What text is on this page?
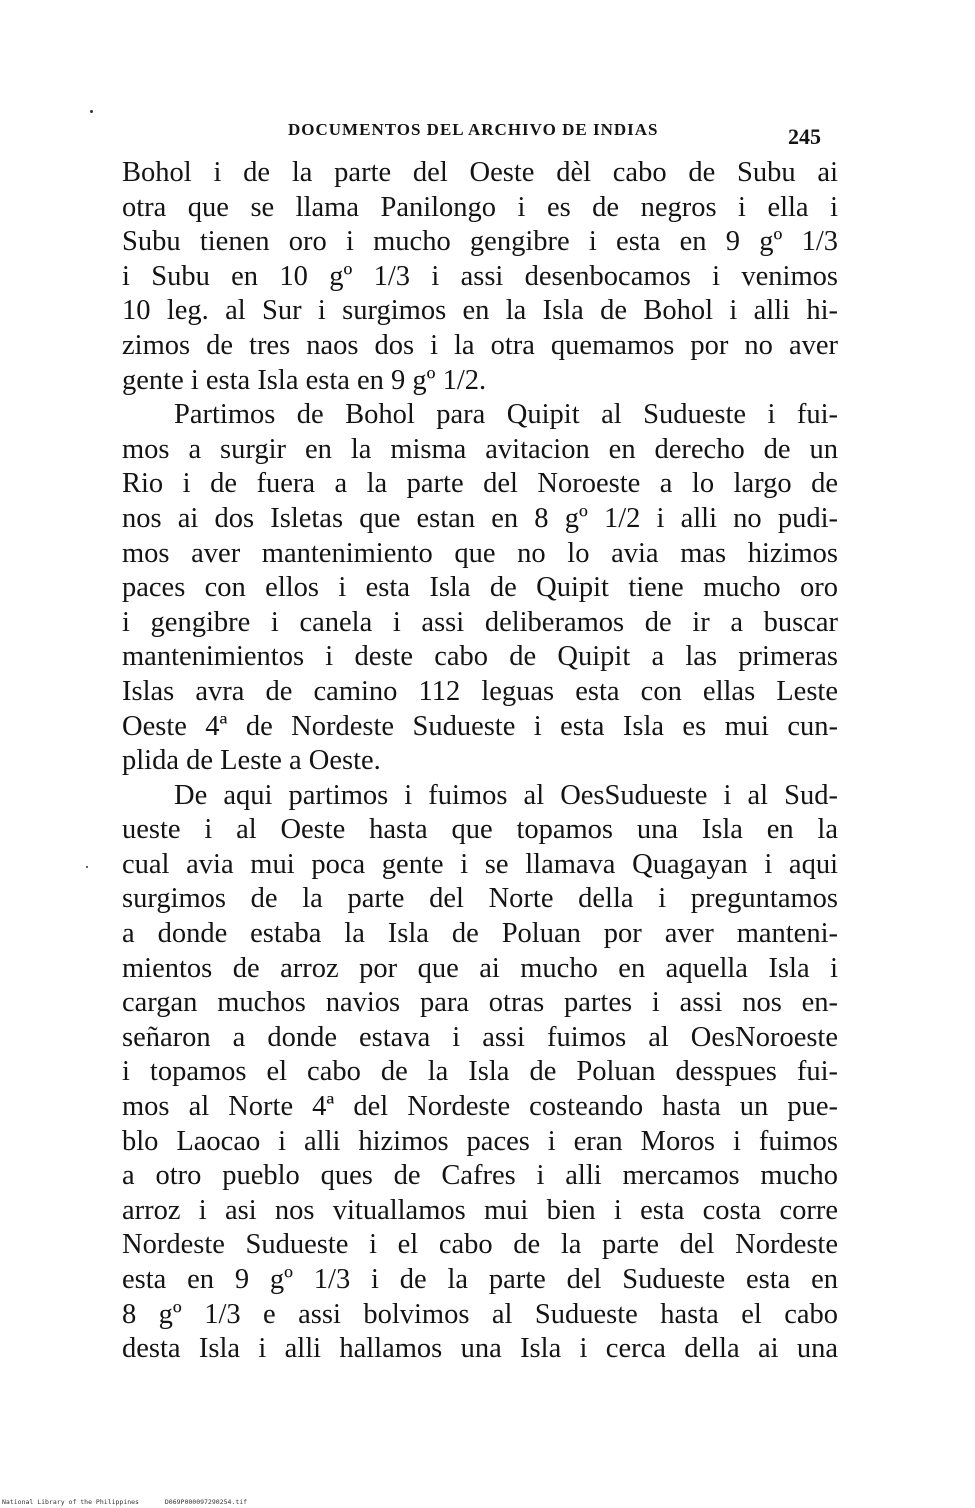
DOCUMENTOS DEL ARCHIVO DE INDIAS	245
Bohol i de la parte del Oeste dèl cabo de Subu ai
otra que se llama Panilongo i es de negros i ella i
Subu tienen oro i mucho gengibre i esta en 9 gº 1/3
i Subu en 10 gº 1/3 i assi desenbocamos i venimos
10 leg. al Sur i surgimos en la Isla de Bohol i alli hi-
zimos de tres naos dos i la otra quemamos por no aver
gente i esta Isla esta en 9 gº 1/2.
Partimos de Bohol para Quipit al Sudueste i fui-
mos a surgir en la misma avitacion en derecho de un
Rio i de fuera a la parte del Noroeste a lo largo de
nos ai dos Isletas que estan en 8 gº 1/2 i alli no pudi-
mos aver mantenimiento que no lo avia mas hizimos
paces con ellos i esta Isla de Quipit tiene mucho oro
i gengibre i canela i assi deliberamos de ir a buscar
mantenimientos i deste cabo de Quipit a las primeras
Islas avra de camino 112 leguas esta con ellas Leste
Oeste 4ª de Nordeste Sudueste i esta Isla es mui cun-
plida de Leste a Oeste.
De aqui partimos i fuimos al OesSudueste i al Sud-
ueste i al Oeste hasta que topamos una Isla en la
cual avia mui poca gente i se llamava Quagayan i aqui
surgimos de la parte del Norte della i preguntamos
a donde estaba la Isla de Poluan por aver manteni-
mientos de arroz por que ai mucho en aquella Isla i
cargan muchos navios para otras partes i assi nos en-
señaron a donde estava i assi fuimos al OesNoroeste
i topamos el cabo de la Isla de Poluan desspues fui-
mos al Norte 4ª del Nordeste costeando hasta un pue-
blo Laocao i alli hizimos paces i eran Moros i fuimos
a otro pueblo ques de Cafres i alli mercamos mucho
arroz i asi nos vituallamos mui bien i esta costa corre
Nordeste Sudueste i el cabo de la parte del Nordeste
esta en 9 gº 1/3 i de la parte del Sudueste esta en
8 gº 1/3 e assi bolvimos al Sudueste hasta el cabo
desta Isla i alli hallamos una Isla i cerca della ai una
National Library of the Philippines	D069P000097290254.tif
